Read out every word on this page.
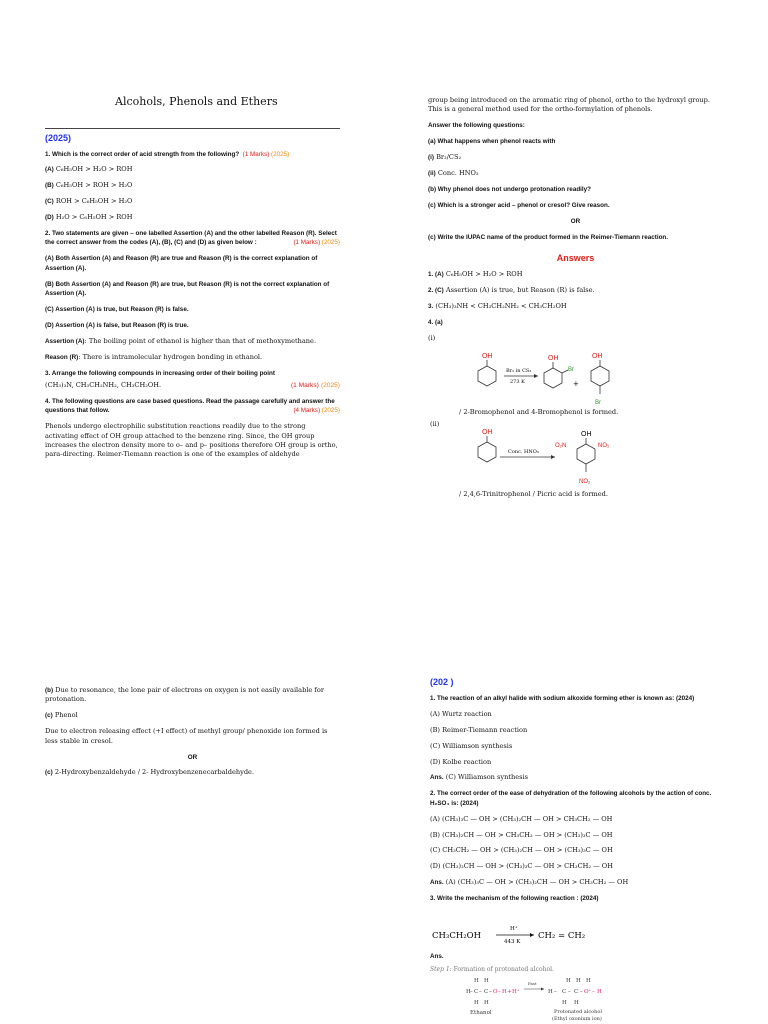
Alcohols, Phenols and Ethers
(2025)
1. Which is the correct order of acid strength from the following? (1 Marks) (2025)
(A) C₆H₅OH > H₂O > ROH
(B) C₆H₅OH > ROH > H₂O
(C) ROH > C₆H₅OH > H₂O
(D) H₂O > C₆H₅OH > ROH
2. Two statements are given – one labelled Assertion (A) and the other labelled Reason (R). Select the correct answer from the codes (A), (B), (C) and (D) as given below :	(1 Marks) (2025)
(A) Both Assertion (A) and Reason (R) are true and Reason (R) is the correct explanation of Assertion (A).
(B) Both Assertion (A) and Reason (R) are true, but Reason (R) is not the correct explanation of Assertion (A).
(C) Assertion (A) is true, but Reason (R) is false.
(D) Assertion (A) is false, but Reason (R) is true.
Assertion (A): The boiling point of ethanol is higher than that of methoxymethane.
Reason (R): There is intramolecular hydrogen bonding in ethanol.
3. Arrange the following compounds in increasing order of their boiling point
(CH₃)₃N, CH₃CH₂NH₂, CH₃CH₂OH.	(1 Marks) (2025)
4. The following questions are case based questions. Read the passage carefully and answer the questions that follow.	(4 Marks) (2025)
Phenols undergo electrophilic substitution reactions readily due to the strong activating effect of OH group attached to the benzene ring. Since, the OH group increases the electron density more to o– and p– positions therefore OH group is ortho, para-directing. Reimer-Tiemann reaction is one of the examples of aldehyde
group being introduced on the aromatic ring of phenol, ortho to the hydroxyl group. This is a general method used for the ortho-formylation of phenols.
Answer the following questions:
(a) What happens when phenol reacts with
(i) Br₂/CS₂
(ii) Conc. HNO₃
(b) Why phenol does not undergo protonation readily?
(c) Which is a stronger acid – phenol or cresol? Give reason.
OR
(c) Write the IUPAC name of the product formed in the Reimer-Tiemann reaction.
Answers
1. (A) C₆H₅OH > H₂O > ROH
2. (C) Assertion (A) is true, but Reason (R) is false.
3. (CH₃)₃NH < CH₃CH₂NH₂ < CH₃CH₂OH
4. (a)
(i)
OH
Br₂ in CS₂
273 K
OH
Br
+
OH
Br
/ 2-Bromophenol and 4-Bromophenol is formed.
(ii)
OH
Conc. HNO₃
OH
O₂N	NO₂
NO₂
/ 2,4,6-Trinitrophenol / Picric acid is formed.
(b) Due to resonance, the lone pair of electrons on oxygen is not easily available for protonation.
(c) Phenol
Due to electron releasing effect (+I effect) of methyl group/ phenoxide ion formed is less stable in cresol.
OR
(c) 2-Hydroxybenzaldehyde / 2- Hydroxybenzenecarbaldehyde.
(202 )
1. The reaction of an alkyl halide with sodium alkoxide forming ether is known as: (2024)
(A) Wurtz reaction
(B) Reimer-Tiemann reaction
(C) Williamson synthesis
(D) Kolbe reaction
Ans. (C) Williamson synthesis
2. The correct order of the ease of dehydration of the following alcohols by the action of conc. H₂SO₄ is: (2024)
(A) (CH₃)₃C — OH > (CH₃)₂CH — OH > CH₃CH₂ — OH
(B) (CH₃)₂CH — OH > CH₃CH₂ — OH > (CH₃)₃C — OH
(C) CH₃CH₂ — OH > (CH₃)₂CH — OH > (CH₃)₃C — OH
(D) (CH₃)₂CH — OH > (CH₃)₃C — OH > CH₃CH₂ — OH
Ans. (A) (CH₃)₃C — OH > (CH₃)₂CH — OH > CH₃CH₂ — OH
3. Write the mechanism of the following reaction : (2024)
CH₃CH₂OH
H⁺
443 K
CH₂ = CH₂
Ans.
Step 1: Formation of protonated alcohol.
H H
H – C – C – O – H + H⁺
H H
Ethanol
Fast	H H H
H – C – C – O⁺ – H
H H
Protonated alcohol
(Ethyl oxonium ion)
